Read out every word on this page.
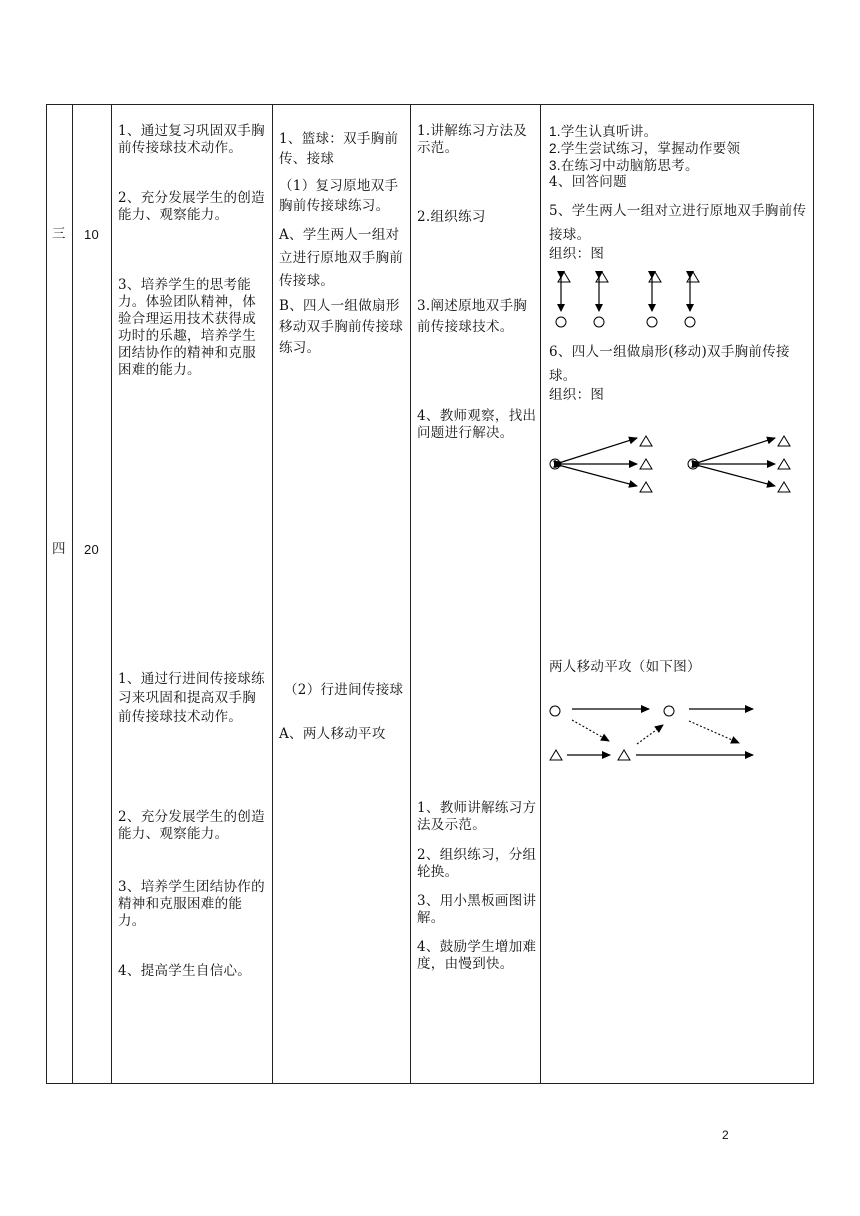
三 10
四 20
1、通过复习巩固双手胸前传接球技术动作。
2、充分发展学生的创造能力、观察能力。
3、培养学生的思考能力。体验团队精神，体验合理运用技术获得成功时的乐趣，培养学生团结协作的精神和克服困难的能力。
1、通过行进间传接球练习来巩固和提高双手胸前传接球技术动作。
2、充分发展学生的创造能力、观察能力。
3、培养学生团结协作的精神和克服困难的能力。
4、提高学生自信心。
1、篮球：双手胸前传、接球
（1）复习原地双手胸前传接球练习。
A、学生两人一组对立进行原地双手胸前传接球。
B、四人一组做扇形移动双手胸前传接球练习。
（2）行进间传接球
A、两人移动平攻
1.讲解练习方法及示范。
2.组织练习
3.阐述原地双手胸前传接球技术。
4、教师观察，找出问题进行解决。
1、教师讲解练习方法及示范。
2、组织练习，分组轮换。
3、用小黑板画图讲解。
4、鼓励学生增加难度，由慢到快。
1.学生认真听讲。
2.学生尝试练习，掌握动作要领
3.在练习中动脑筋思考。
4、回答问题
5、学生两人一组对立进行原地双手胸前传接球。
组织：图
6、四人一组做扇形(移动)双手胸前传接球。
组织：图
两人移动平攻（如下图）
2
